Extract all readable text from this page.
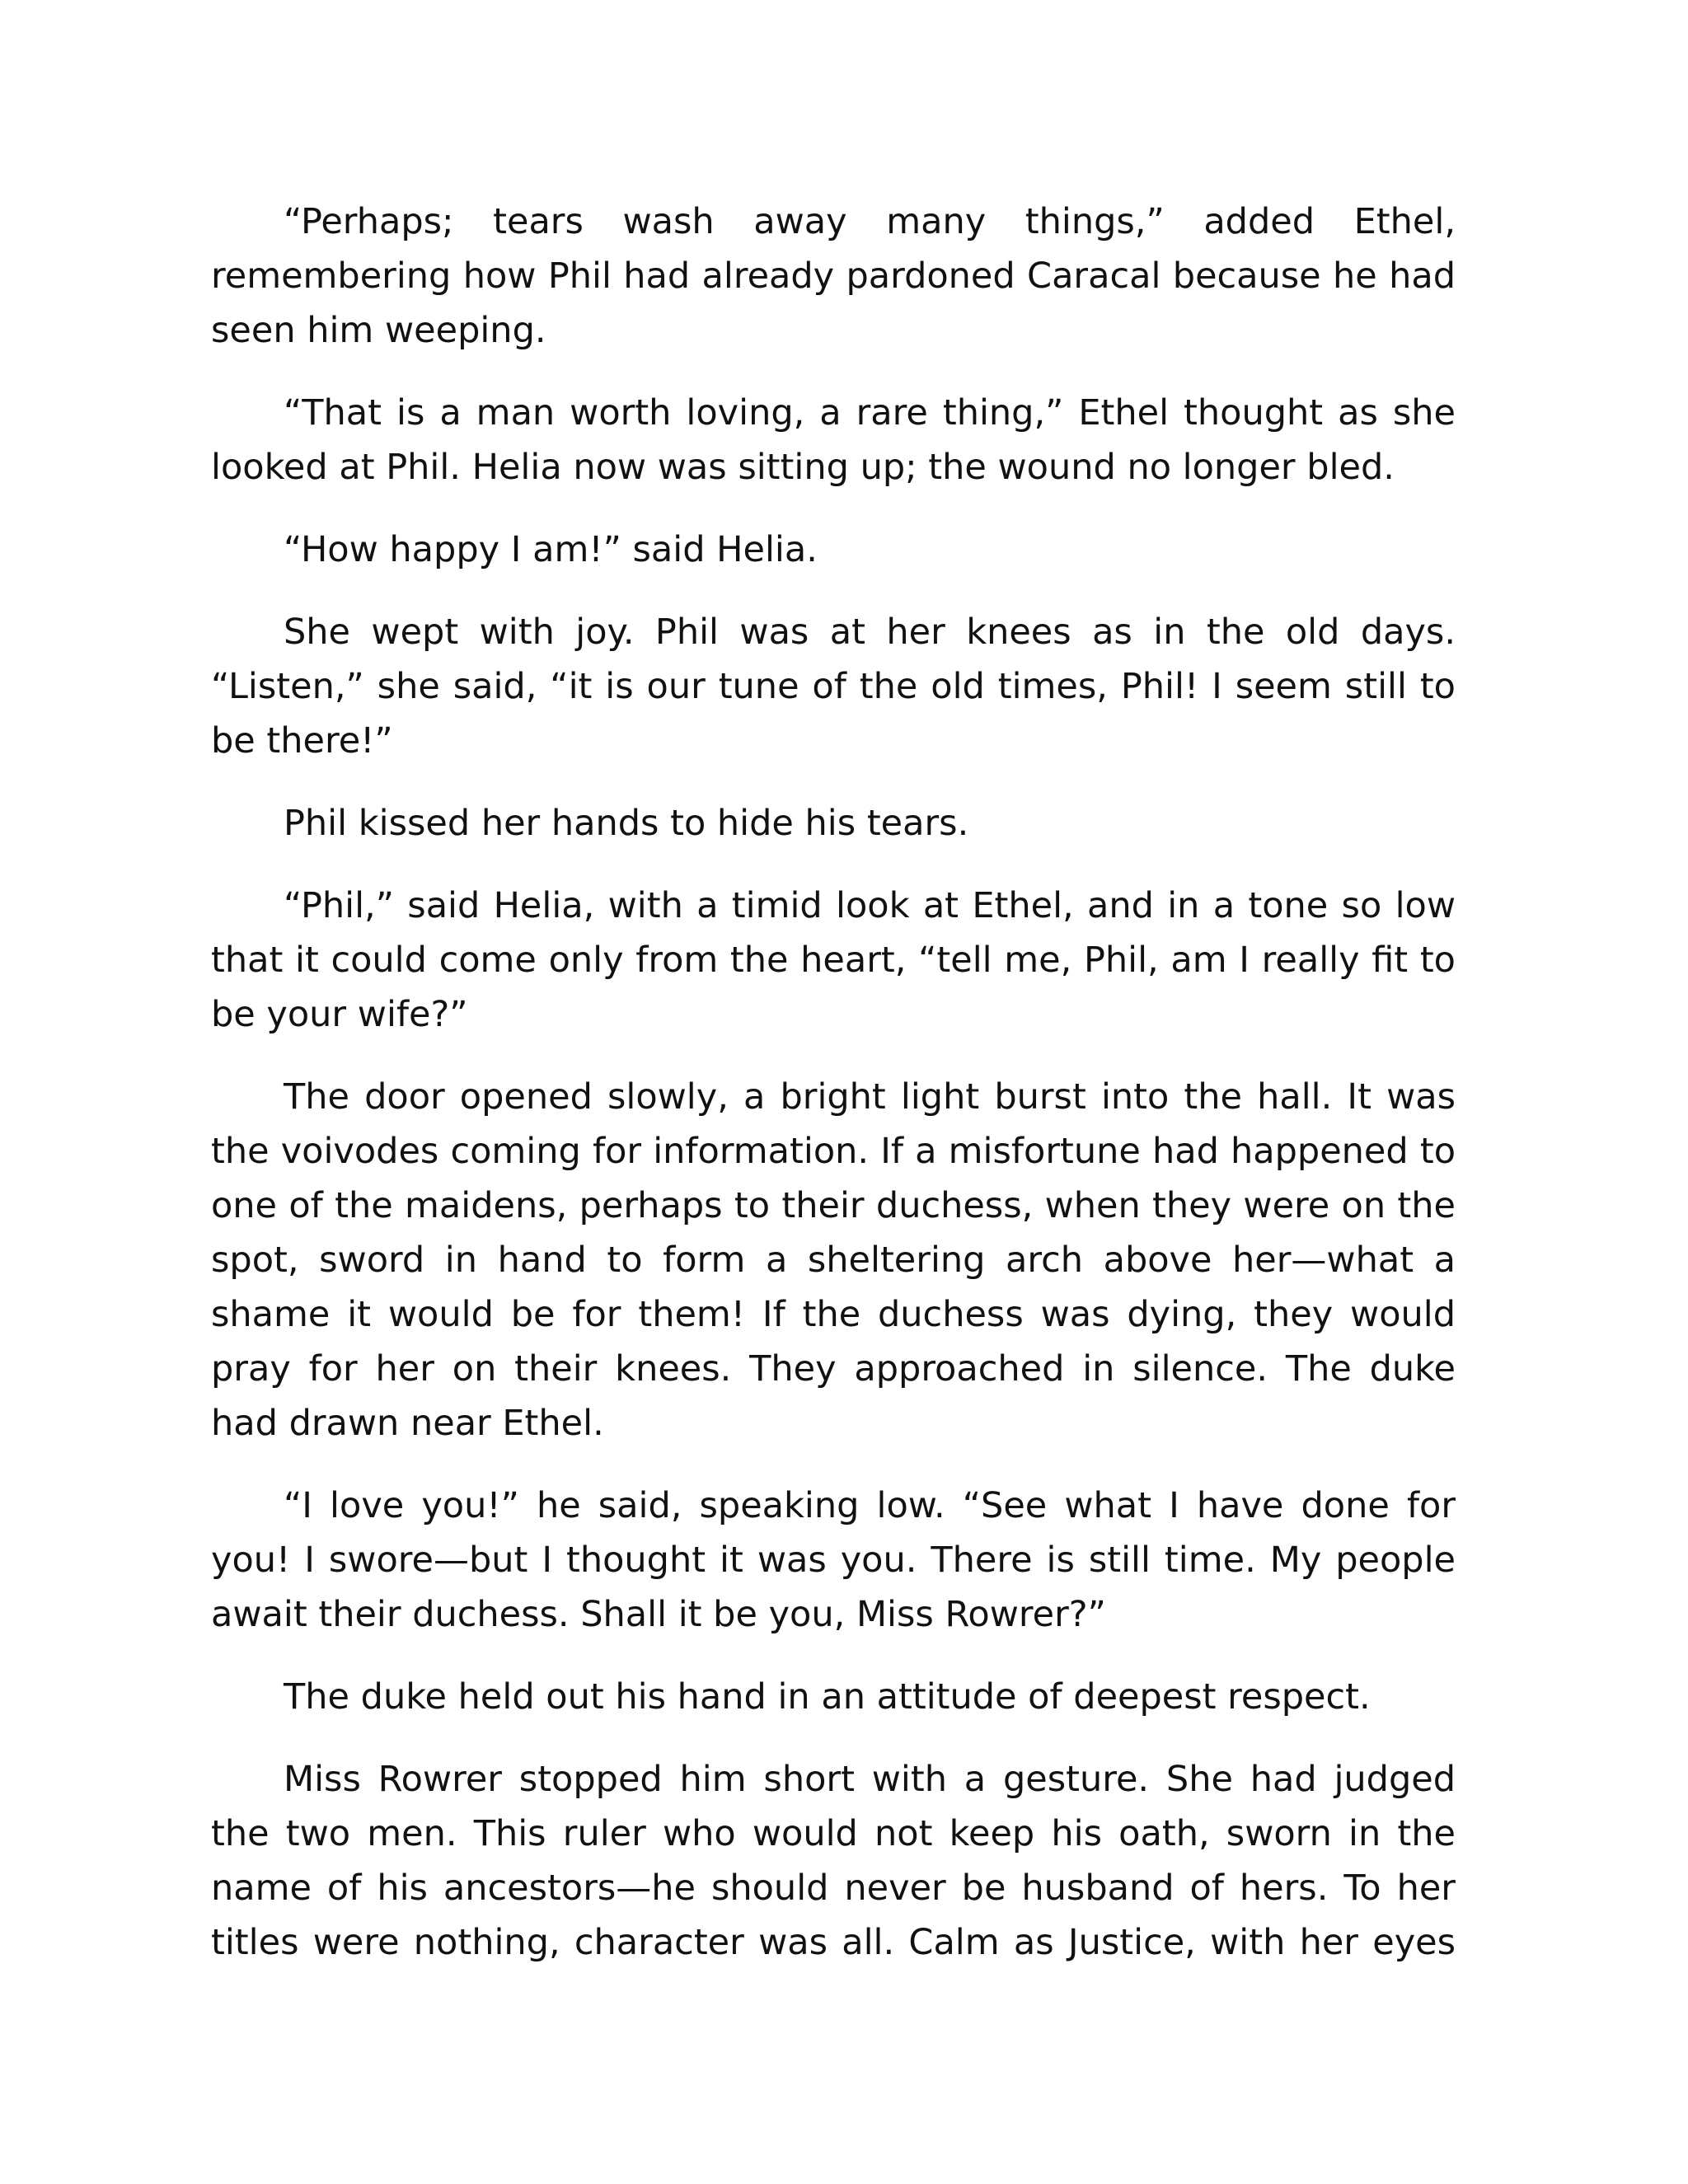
“Perhaps; tears wash away many things,” added Ethel, remembering how Phil had already pardoned Caracal because he had seen him weeping.

“That is a man worth loving, a rare thing,” Ethel thought as she looked at Phil. Helia now was sitting up; the wound no longer bled.

“How happy I am!” said Helia.

She wept with joy. Phil was at her knees as in the old days. “Listen,” she said, “it is our tune of the old times, Phil! I seem still to be there!”

Phil kissed her hands to hide his tears.

“Phil,” said Helia, with a timid look at Ethel, and in a tone so low that it could come only from the heart, “tell me, Phil, am I really fit to be your wife?”

The door opened slowly, a bright light burst into the hall. It was the voivodes coming for information. If a misfortune had happened to one of the maidens, perhaps to their duchess, when they were on the spot, sword in hand to form a sheltering arch above her—what a shame it would be for them! If the duchess was dying, they would pray for her on their knees. They approached in silence. The duke had drawn near Ethel.

“I love you!” he said, speaking low. “See what I have done for you! I swore—but I thought it was you. There is still time. My people await their duchess. Shall it be you, Miss Rowrer?”

The duke held out his hand in an attitude of deepest respect.

Miss Rowrer stopped him short with a gesture. She had judged the two men. This ruler who would not keep his oath, sworn in the name of his ancestors—he should never be husband of hers. To her titles were nothing, character was all. Calm as Justice, with her eyes
